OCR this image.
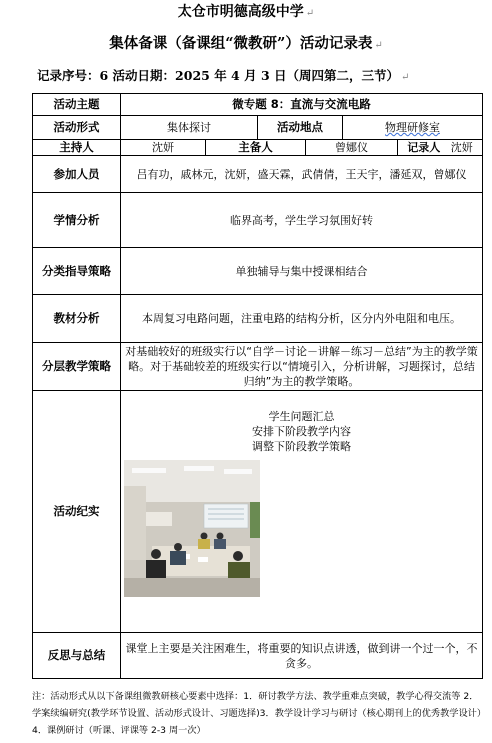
太仓市明德高级中学 ↵
集体备课（备课组“微教研”）活动记录表 ↵
记录序号：6 活动日期：2025 年 4 月 3 日（周四第二，三节） ↵
活动主题	微专题 8：直流与交流电路					
活动形式	集体探讨		活动地点		物理研修室	
主持人	沈妍	主备人		曾娜仪		记录人 沈妍
参加人员	吕有功，戚林元，沈妍，盛天霖，武倩倩，王天宇，潘延双，曾娜仪					
学情分析	临界高考，学生学习氛围好转					
分类指导策略	单独辅导与集中授课相结合					
教材分析	本周复习电路问题，注重电路的结构分析，区分内外电阻和电压。					
分层教学策略	对基础较好的班级实行以“自学－讨论－讲解－练习－总结”为主的教学策略。对于基础较差的班级实行以“情境引入，分析讲解，习题探讨，总结归纳”为主的教学策略。					
活动纪实	学生问题汇总
安排下阶段教学内容
调整下阶段教学策略					

反思与总结	课堂上主要是关注困难生，将重要的知识点讲透，做到讲一个过一个，不贪多。					
注：活动形式从以下备课组微教研核心要素中选择：1．研讨教学方法、教学重难点突破，教学心得交流等 2．学案续编研究(教学环节设置、活动形式设计、习题选择)3．教学设计学习与研讨（核心期刊上的优秀教学设计）4．课例研讨（听课、评课等 2-3 周一次）
